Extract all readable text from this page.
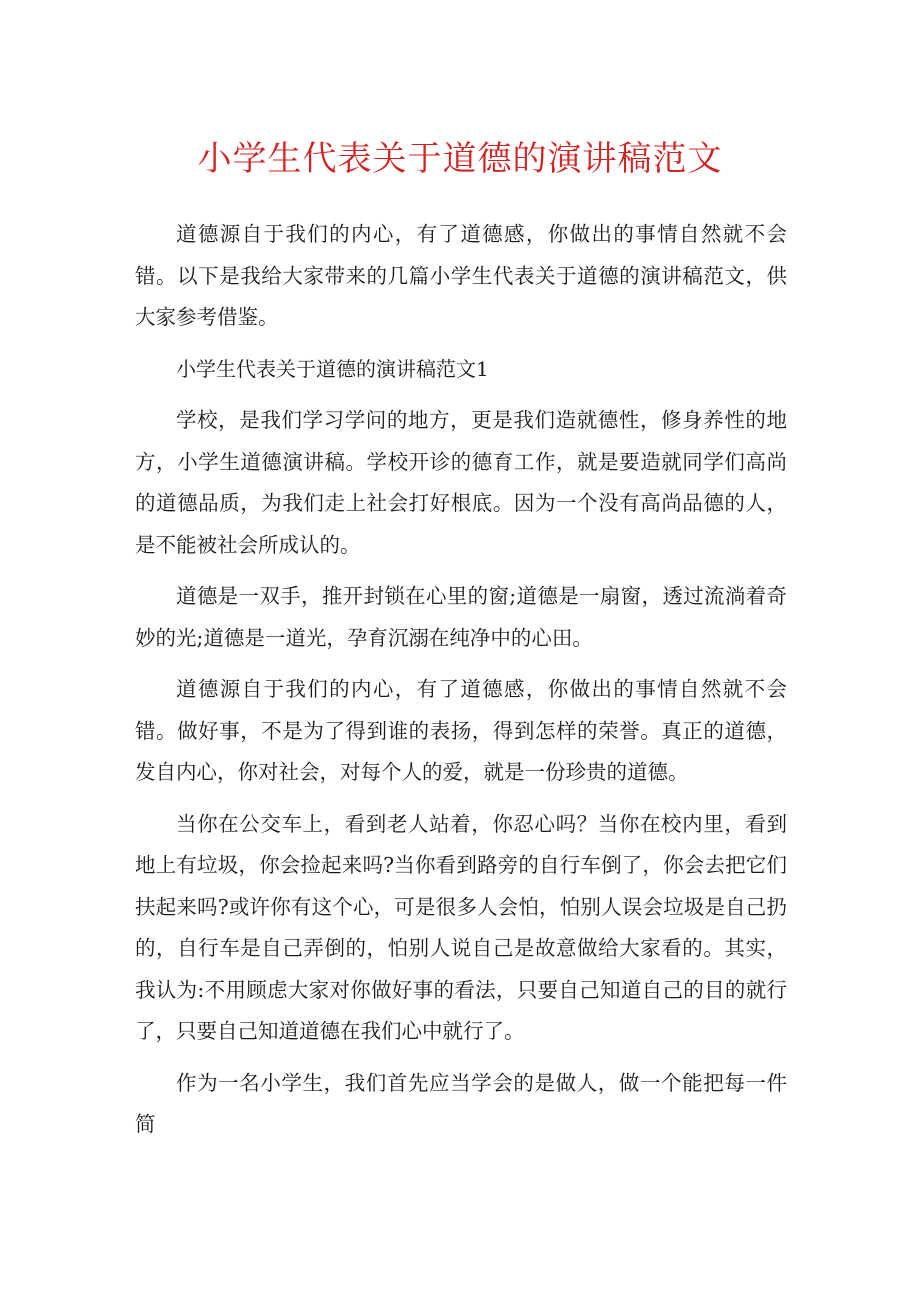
小学生代表关于道德的演讲稿范文

道德源自于我们的内心，有了道德感，你做出的事情自然就不会错。以下是我给大家带来的几篇小学生代表关于道德的演讲稿范文，供大家参考借鉴。

小学生代表关于道德的演讲稿范文1

学校，是我们学习学问的地方，更是我们造就德性，修身养性的地方，小学生道德演讲稿。学校开诊的德育工作，就是要造就同学们高尚的道德品质，为我们走上社会打好根底。因为一个没有高尚品德的人，是不能被社会所成认的。

道德是一双手，推开封锁在心里的窗;道德是一扇窗，透过流淌着奇妙的光;道德是一道光，孕育沉溺在纯净中的心田。

道德源自于我们的内心，有了道德感，你做出的事情自然就不会错。做好事，不是为了得到谁的表扬，得到怎样的荣誉。真正的道德，发自内心，你对社会，对每个人的爱，就是一份珍贵的道德。

当你在公交车上，看到老人站着，你忍心吗？当你在校内里，看到地上有垃圾，你会捡起来吗?当你看到路旁的自行车倒了，你会去把它们扶起来吗?或许你有这个心，可是很多人会怕，怕别人误会垃圾是自己扔的，自行车是自己弄倒的，怕别人说自己是故意做给大家看的。其实，我认为:不用顾虑大家对你做好事的看法，只要自己知道自己的目的就行了，只要自己知道道德在我们心中就行了。

作为一名小学生，我们首先应当学会的是做人，做一个能把每一件简
